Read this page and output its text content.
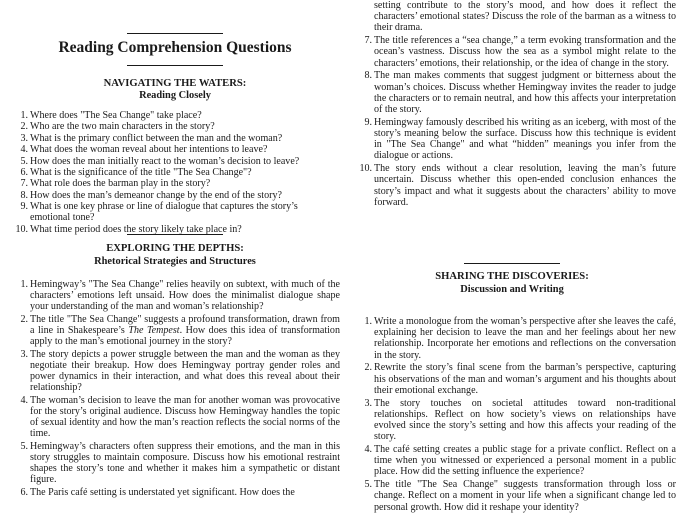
Reading Comprehension Questions
NAVIGATING THE WATERS:
Reading Closely
1 . Where does "The Sea Change" take place?
2 . Who are the two main characters in the story?
3 . What is the primary conflict between the man and the woman?
4 . What does the woman reveal about her intentions to leave?
5 . How does the man initially react to the woman’s decision to leave?
6 . What is the significance of the title "The Sea Change"?
7 . What role does the barman play in the story?
8 . How does the man’s demeanor change by the end of the story?
9 . What is one key phrase or line of dialogue that captures the story’s emotional tone?
10 . What time period does the story likely take place in?
EXPLORING THE DEPTHS:
Rhetorical Strategies and Structures
1 . Hemingway’s "The Sea Change" relies heavily on subtext, with much of the characters’ emotions left unsaid. How does the minimalist dialogue shape your understanding of the man and woman’s relationship?
2 . The title "The Sea Change" suggests a profound transformation, drawn from a line in Shakespeare’s The Tempest. How does this idea of transformation apply to the man’s emotional journey in the story?
3 . The story depicts a power struggle between the man and the woman as they negotiate their breakup. How does Hemingway portray gender roles and power dynamics in their interaction, and what does this reveal about their relationship?
4 . The woman’s decision to leave the man for another woman was provocative for the story’s original audience. Discuss how Hemingway handles the topic of sexual identity and how the man’s reaction reflects the social norms of the time.
5 . Hemingway’s characters often suppress their emotions, and the man in this story struggles to maintain composure. Discuss how his emotional restraint shapes the story’s tone and whether it makes him a sympathetic or distant figure.
6 . The Paris café setting is understated yet significant. How does the
setting contribute to the story’s mood, and how does it reflect the characters’ emotional states? Discuss the role of the barman as a witness to their drama.
7 . The title references a “sea change,” a term evoking transformation and the ocean’s vastness. Discuss how the sea as a symbol might relate to the characters’ emotions, their relationship, or the idea of change in the story.
8 . The man makes comments that suggest judgment or bitterness about the woman’s choices. Discuss whether Hemingway invites the reader to judge the characters or to remain neutral, and how this affects your interpretation of the story.
9 . Hemingway famously described his writing as an iceberg, with most of the story’s meaning below the surface. Discuss how this technique is evident in "The Sea Change" and what “hidden” meanings you infer from the dialogue or actions.
10 . The story ends without a clear resolution, leaving the man’s future uncertain. Discuss whether this open-ended conclusion enhances the story’s impact and what it suggests about the characters’ ability to move forward.
SHARING THE DISCOVERIES:
Discussion and Writing
1 . Write a monologue from the woman’s perspective after she leaves the café, explaining her decision to leave the man and her feelings about her new relationship. Incorporate her emotions and reflections on the conversation in the story.
2 . Rewrite the story’s final scene from the barman’s perspective, capturing his observations of the man and woman’s argument and his thoughts about their emotional exchange.
3 . The story touches on societal attitudes toward non-traditional relationships. Reflect on how society’s views on relationships have evolved since the story’s setting and how this affects your reading of the story.
4 . The café setting creates a public stage for a private conflict. Reflect on a time when you witnessed or experienced a personal moment in a public place. How did the setting influence the experience?
5 . The title "The Sea Change" suggests transformation through loss or change. Reflect on a moment in your life when a significant change led to personal growth. How did it reshape your identity?
